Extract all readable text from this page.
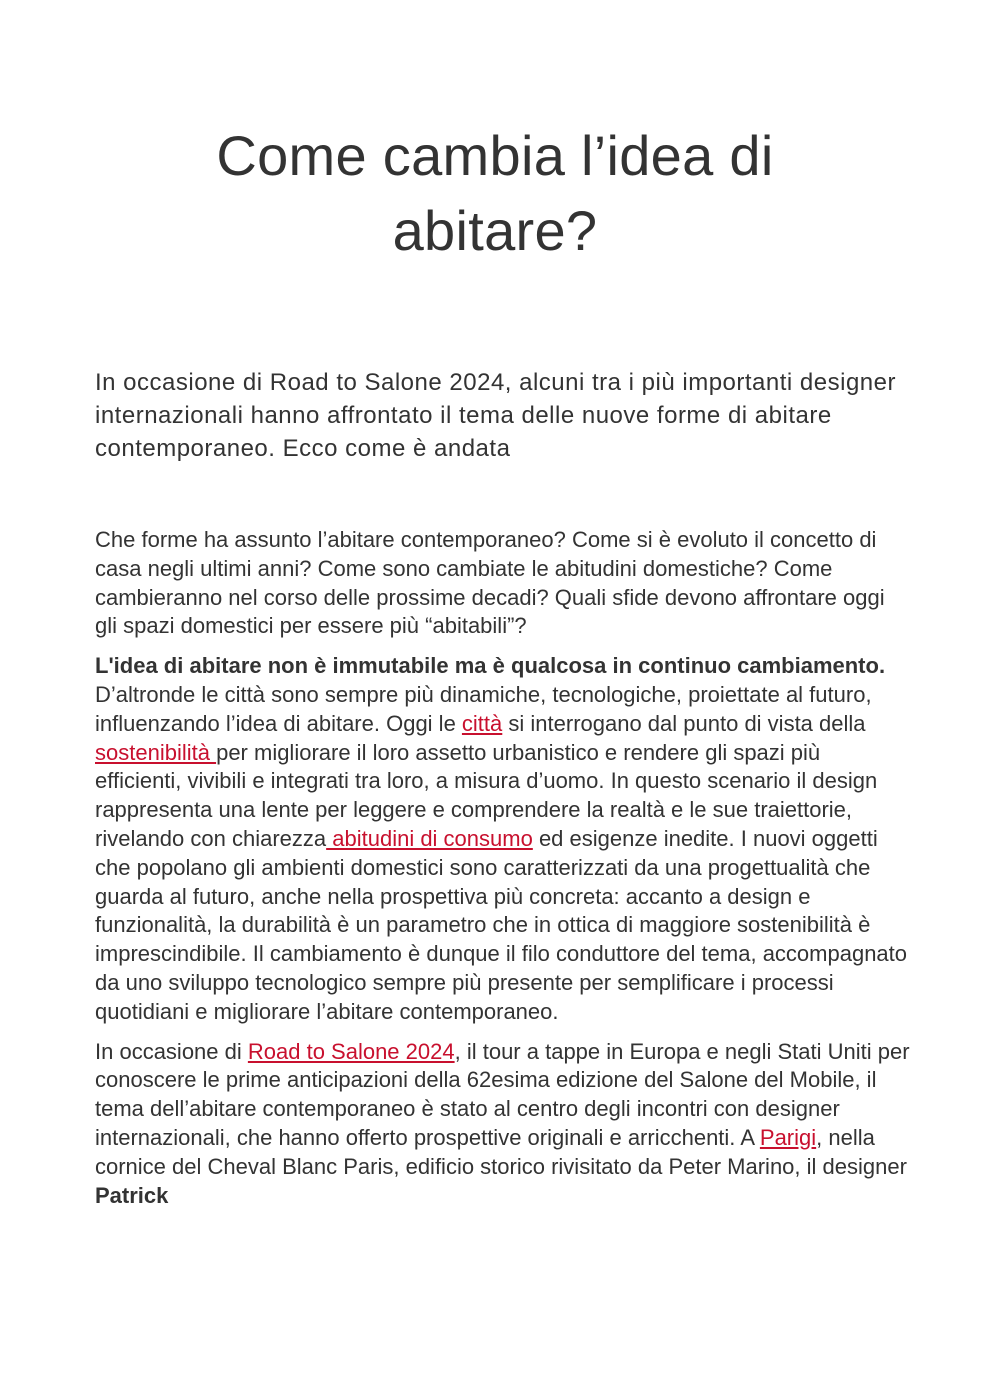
Come cambia l’idea di
abitare?

In occasione di Road to Salone 2024, alcuni tra i più importanti designer internazionali hanno affrontato il tema delle nuove forme di abitare contemporaneo. Ecco come è andata

Che forme ha assunto l’abitare contemporaneo? Come si è evoluto il concetto di casa negli ultimi anni? Come sono cambiate le abitudini domestiche? Come cambieranno nel corso delle prossime decadi? Quali sfide devono affrontare oggi gli spazi domestici per essere più “abitabili”?

L'idea di abitare non è immutabile ma è qualcosa in continuo cambiamento. D’altronde le città sono sempre più dinamiche, tecnologiche, proiettate al futuro, influenzando l’idea di abitare. Oggi le città si interrogano dal punto di vista della sostenibilità per migliorare il loro assetto urbanistico e rendere gli spazi più efficienti, vivibili e integrati tra loro, a misura d’uomo. In questo scenario il design rappresenta una lente per leggere e comprendere la realtà e le sue traiettorie, rivelando con chiarezza abitudini di consumo ed esigenze inedite. I nuovi oggetti che popolano gli ambienti domestici sono caratterizzati da una progettualità che guarda al futuro, anche nella prospettiva più concreta: accanto a design e funzionalità, la durabilità è un parametro che in ottica di maggiore sostenibilità è imprescindibile. Il cambiamento è dunque il filo conduttore del tema, accompagnato da uno sviluppo tecnologico sempre più presente per semplificare i processi quotidiani e migliorare l’abitare contemporaneo.

In occasione di Road to Salone 2024, il tour a tappe in Europa e negli Stati Uniti per conoscere le prime anticipazioni della 62esima edizione del Salone del Mobile, il tema dell’abitare contemporaneo è stato al centro degli incontri con designer internazionali, che hanno offerto prospettive originali e arricchenti. A Parigi, nella cornice del Cheval Blanc Paris, edificio storico rivisitato da Peter Marino, il designer Patrick
